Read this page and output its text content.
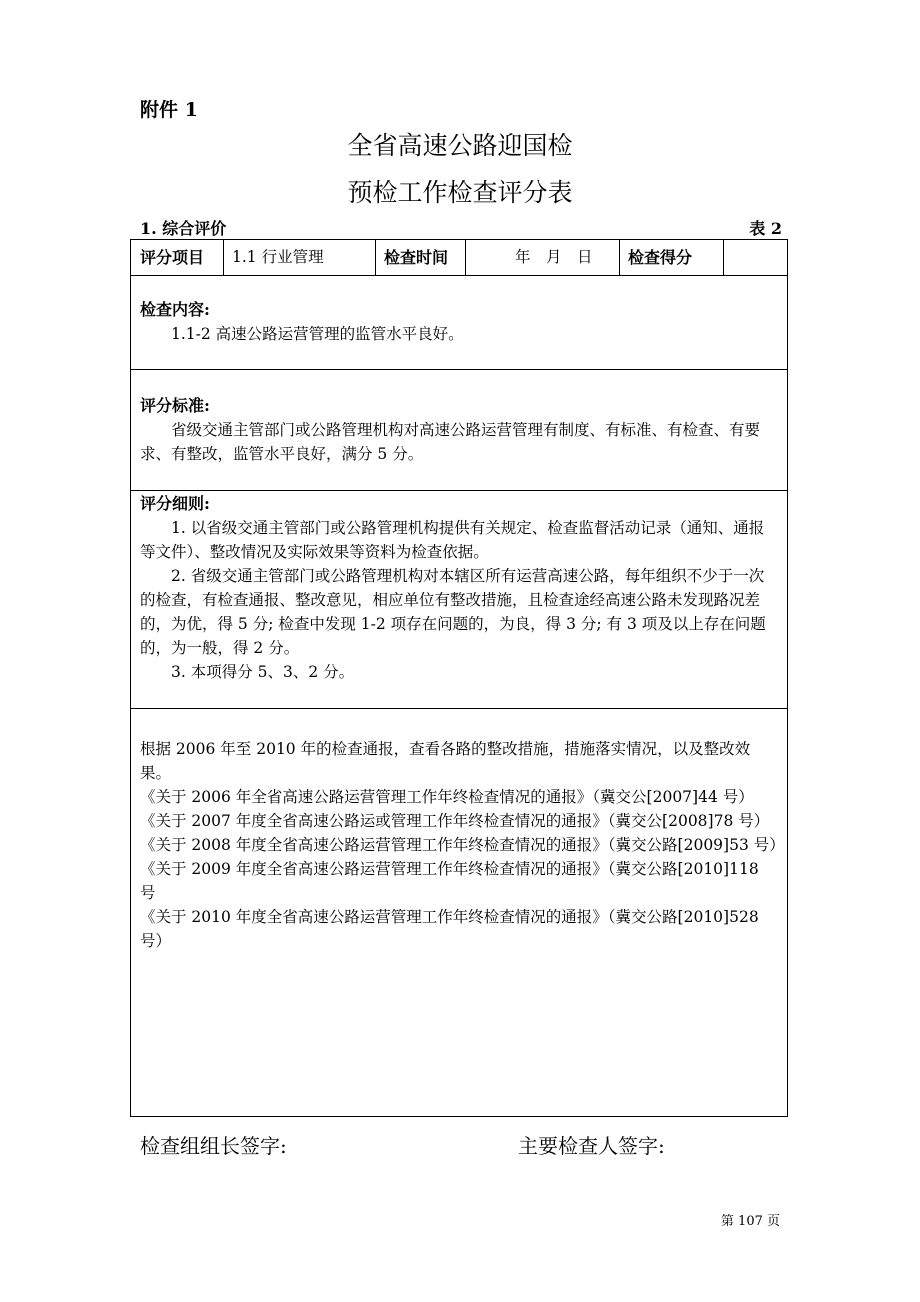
附件 1
全省高速公路迎国检
预检工作检查评分表
1. 综合评价	表 2
评分项目 1.1 行业管理	检查时间	年　月　日 检查得分
检查内容:

1.1-2 高速公路运营管理的监管水平良好。

评分标准:

省级交通主管部门或公路管理机构对高速公路运营管理有制度、有标准、有检查、有要求、有整改，监管水平良好，满分 5 分。

评分细则:

1. 以省级交通主管部门或公路管理机构提供有关规定、检查监督活动记录（通知、通报等文件）、整改情况及实际效果等资料为检查依据。

2. 省级交通主管部门或公路管理机构对本辖区所有运营高速公路，每年组织不少于一次的检查，有检查通报、整改意见，相应单位有整改措施，且检查途经高速公路未发现路况差的，为优，得 5 分; 检查中发现 1-2 项存在问题的，为良，得 3 分; 有 3 项及以上存在问题的，为一般，得 2 分。

3. 本项得分 5、3、2 分。

根据 2006 年至 2010 年的检查通报，查看各路的整改措施，措施落实情况，以及整改效果。

《关于 2006 年全省高速公路运营管理工作年终检查情况的通报》（冀交公[2007]44 号）

《关于 2007 年度全省高速公路运或管理工作年终检查情况的通报》（冀交公[2008]78 号）

《关于 2008 年度全省高速公路运营管理工作年终检查情况的通报》（冀交公路[2009]53 号）

《关于 2009 年度全省高速公路运营管理工作年终检查情况的通报》（冀交公路[2010]118 号

《关于 2010 年度全省高速公路运营管理工作年终检查情况的通报》（冀交公路[2010]528 号）

检查组组长签字:	主要检查人签字:
第 107 页
